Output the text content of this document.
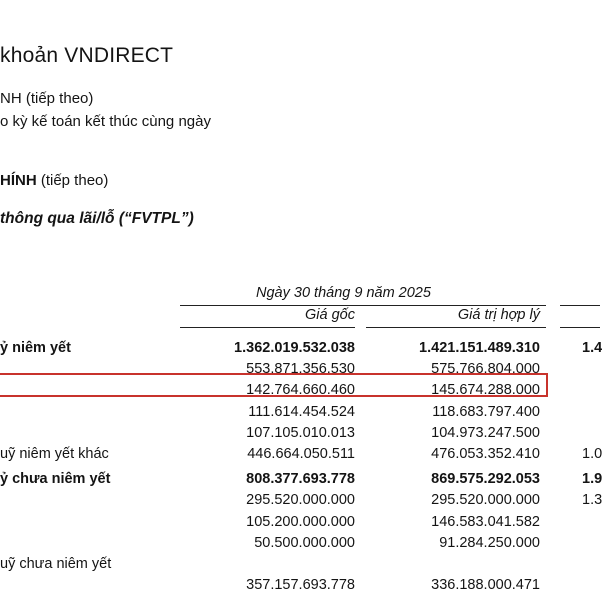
khoản VNDIRECT
NH (tiếp theo)
o kỳ kế toán kết thúc cùng ngày
HÍNH (tiếp theo)
thông qua lãi/lỗ (“FVTPL”)
Ngày 30 tháng 9 năm 2025
Giá gốc	Giá trị hợp lý
ỷ niêm yết	1.362.019.532.038	1.421.151.489.310	1.4
553.871.356.530	575.766.804.000
142.764.660.460	145.674.288.000
111.614.454.524	118.683.797.400
107.105.010.013	104.973.247.500
uỹ niêm yết khác	446.664.050.511	476.053.352.410	1.0
ỷ chưa niêm yết	808.377.693.778	869.575.292.053	1.9
295.520.000.000	295.520.000.000	1.3
105.200.000.000	146.583.041.582
50.500.000.000	91.284.250.000
uỹ chưa niêm yết
357.157.693.778	336.188.000.471
